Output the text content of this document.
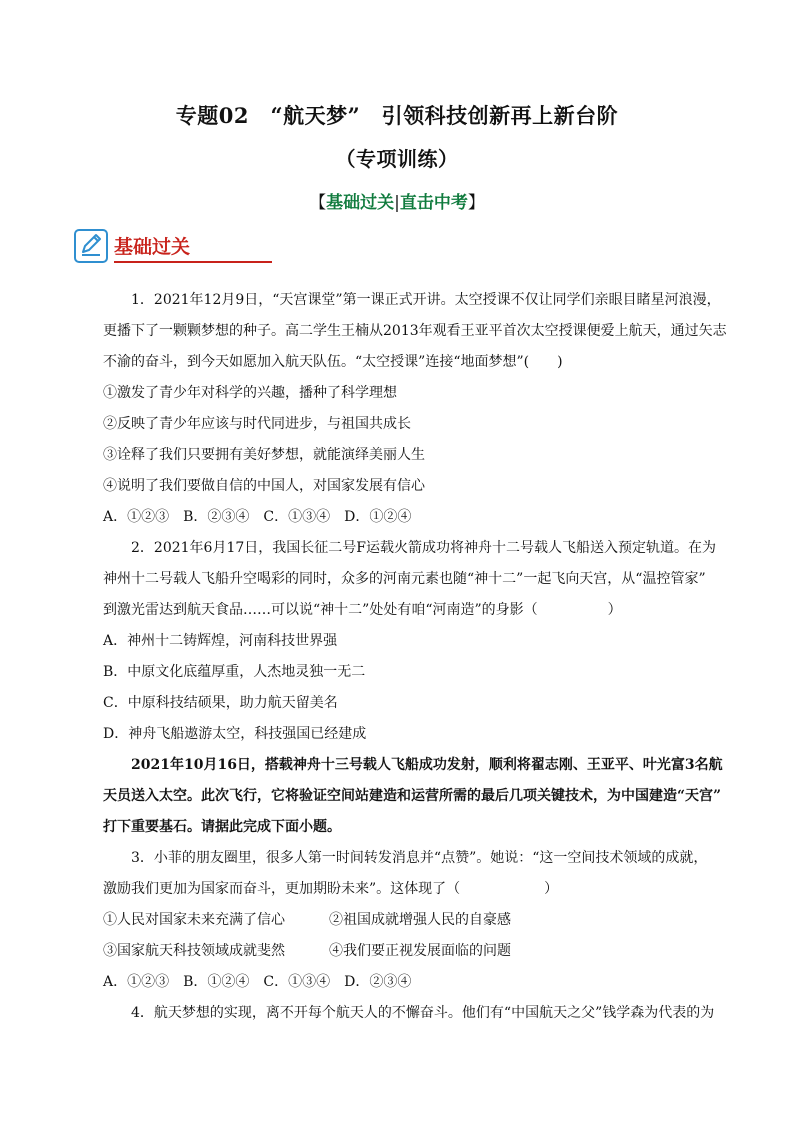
专题02　“航天梦”　引领科技创新再上新台阶
（专项训练）
【基础过关|直击中考】
基础过关

1．2021年12月9日，“天宫课堂”第一课正式开讲。太空授课不仅让同学们亲眼目睹星河浪漫，

更播下了一颗颗梦想的种子。高二学生王楠从2013年观看王亚平首次太空授课便爱上航天，通过矢志

不渝的奋斗，到今天如愿加入航天队伍。“太空授课”连接“地面梦想”(　　)

①激发了青少年对科学的兴趣，播种了科学理想

②反映了青少年应该与时代同进步，与祖国共成长

③诠释了我们只要拥有美好梦想，就能演绎美丽人生

④说明了我们要做自信的中国人，对国家发展有信心

A．①②③　B．②③④　C．①③④　D．①②④

2．2021年6月17日，我国长征二号F运载火箭成功将神舟十二号载人飞船送入预定轨道。在为

神州十二号载人飞船升空喝彩的同时，众多的河南元素也随“神十二”一起飞向天宫，从“温控管家”

到激光雷达到航天食品……可以说“神十二”处处有咱“河南造”的身影（　　　　　）

A．神州十二铸辉煌，河南科技世界强

B．中原文化底蕴厚重，人杰地灵独一无二

C．中原科技结硕果，助力航天留美名

D．神舟飞船遨游太空，科技强国已经建成

2021年10月16日，搭载神舟十三号载人飞船成功发射，顺利将翟志刚、王亚平、叶光富3名航

天员送入太空。此次飞行，它将验证空间站建造和运营所需的最后几项关键技术，为中国建造“天宫”

打下重要基石。请据此完成下面小题。

3．小菲的朋友圈里，很多人第一时间转发消息并“点赞”。她说：“这一空间技术领域的成就，

激励我们更加为国家而奋斗，更加期盼未来”。这体现了（　　　　　　）

①人民对国家未来充满了信心	②祖国成就增强人民的自豪感
③国家航天科技领域成就斐然	④我们要正视发展面临的问题

A．①②③　B．①②④　C．①③④　D．②③④

4．航天梦想的实现，离不开每个航天人的不懈奋斗。他们有“中国航天之父”钱学森为代表的为
